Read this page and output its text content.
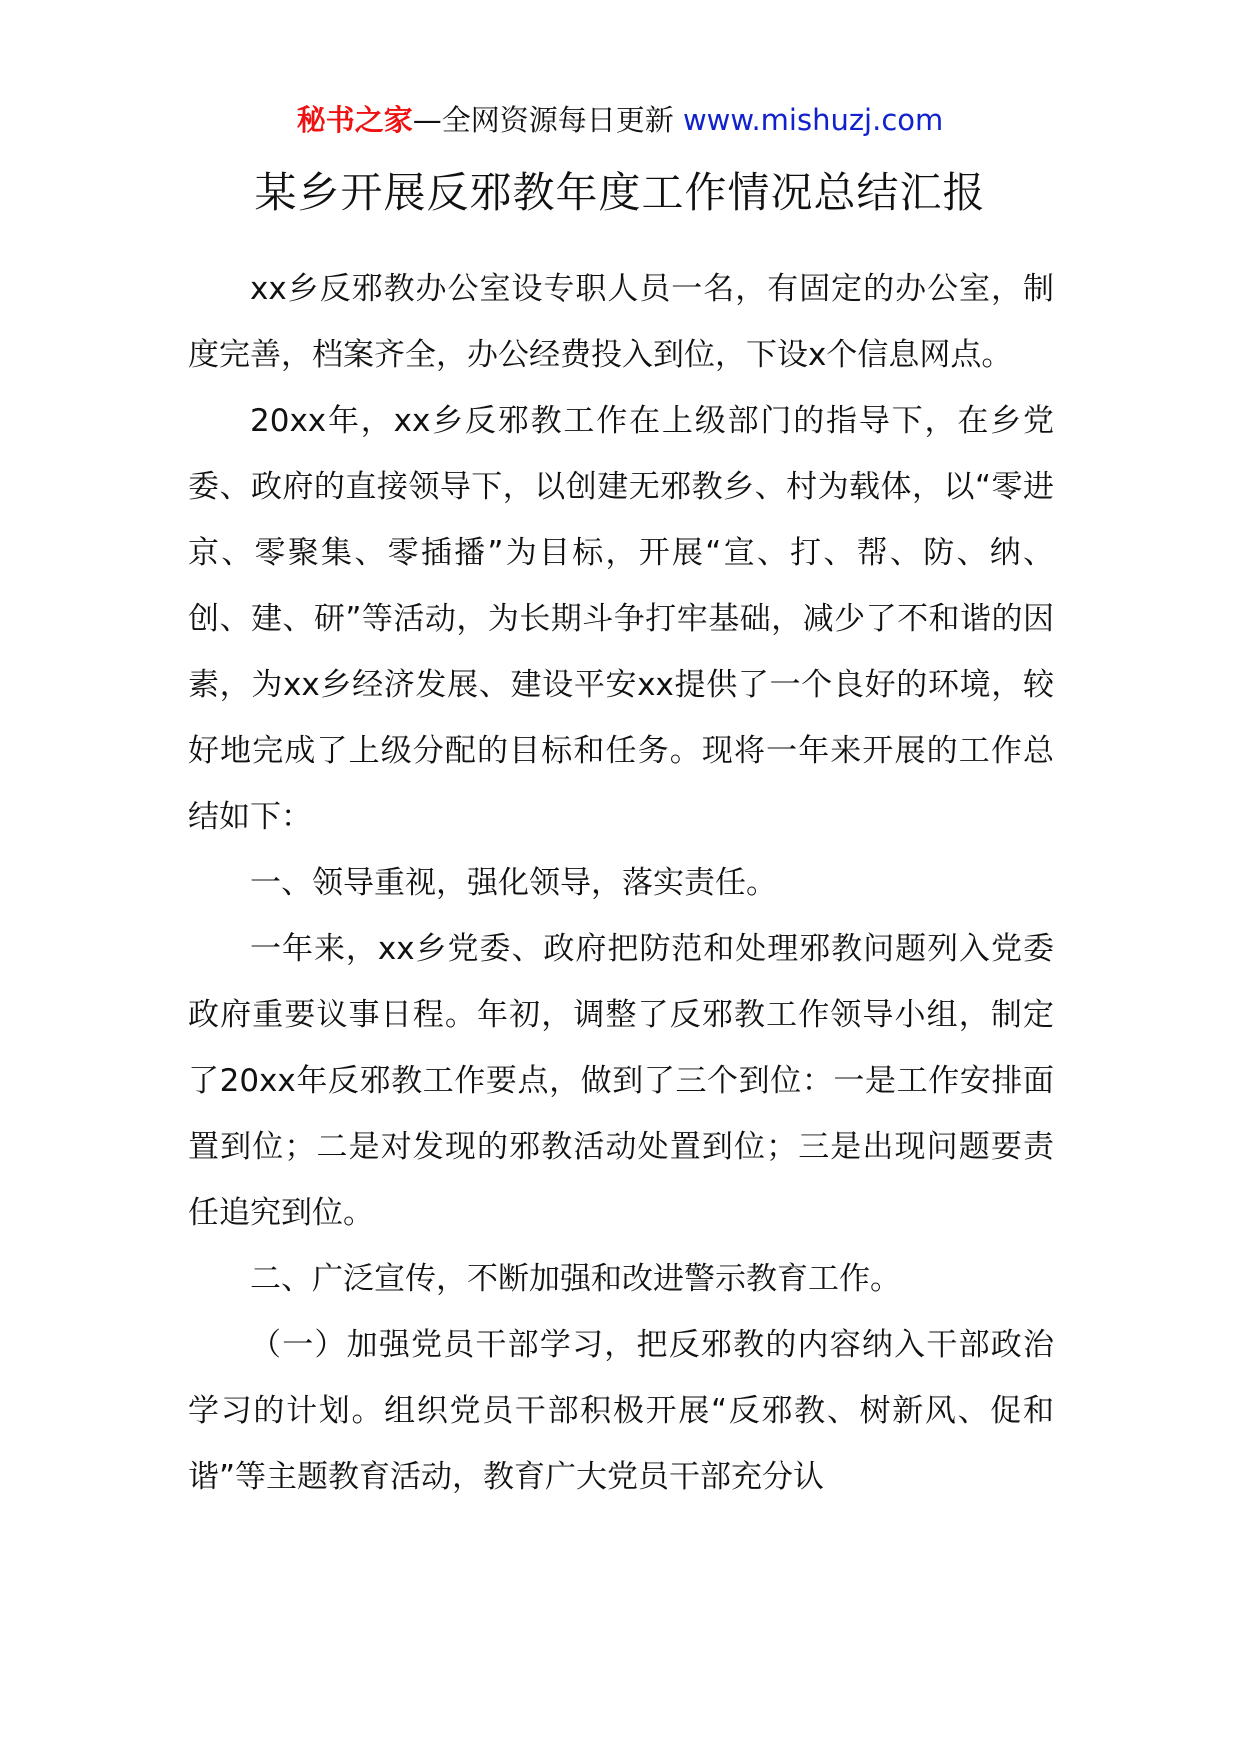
秘书之家—全网资源每日更新 www.mishuzj.com
某乡开展反邪教年度工作情况总结汇报

xx乡反邪教办公室设专职人员一名，有固定的办公室，制度完善，档案齐全，办公经费投入到位，下设x个信息网点。

20xx年，xx乡反邪教工作在上级部门的指导下，在乡党委、政府的直接领导下，以创建无邪教乡、村为载体，以“零进京、零聚集、零插播”为目标，开展“宣、打、帮、防、纳、创、建、研”等活动，为长期斗争打牢基础，减少了不和谐的因素，为xx乡经济发展、建设平安xx提供了一个良好的环境，较好地完成了上级分配的目标和任务。现将一年来开展的工作总结如下：

一、领导重视，强化领导，落实责任。

一年来，xx乡党委、政府把防范和处理邪教问题列入党委政府重要议事日程。年初，调整了反邪教工作领导小组，制定了20xx年反邪教工作要点，做到了三个到位：一是工作安排面置到位；二是对发现的邪教活动处置到位；三是出现问题要责任追究到位。

二、广泛宣传，不断加强和改进警示教育工作。

（一）加强党员干部学习，把反邪教的内容纳入干部政治学习的计划。组织党员干部积极开展“反邪教、树新风、促和谐”等主题教育活动，教育广大党员干部充分认
